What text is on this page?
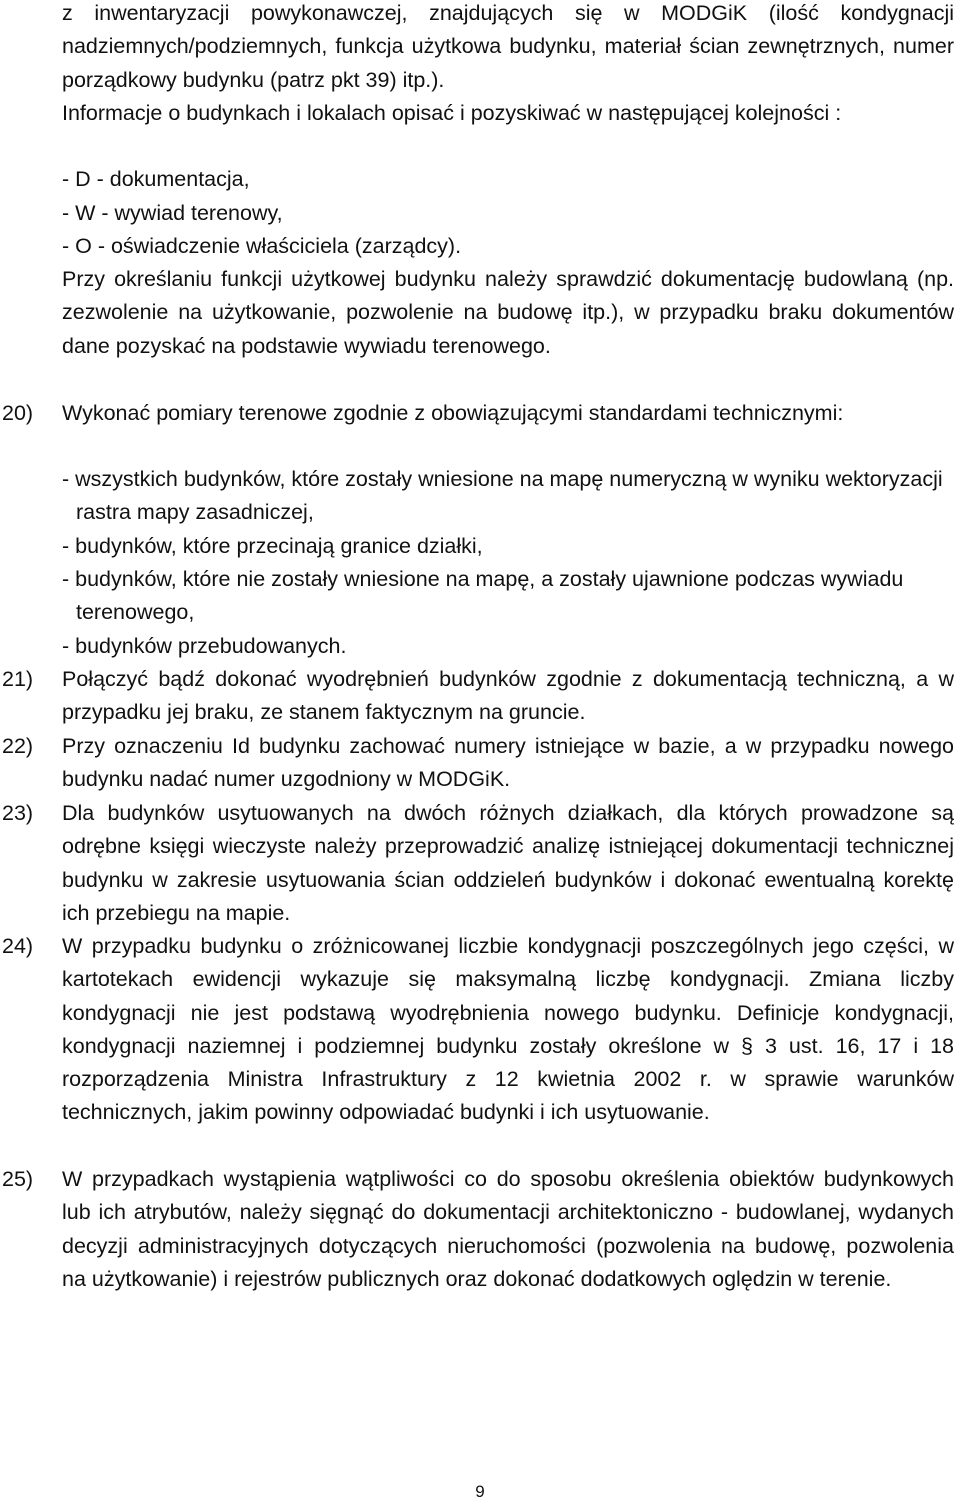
z inwentaryzacji powykonawczej, znajdujących się w MODGiK (ilość kondygnacji nadziemnych/podziemnych, funkcja użytkowa budynku, materiał ścian zewnętrznych, numer porządkowy budynku (patrz pkt 39) itp.).

Informacje o budynkach i lokalach opisać i pozyskiwać w następującej kolejności :

- D - dokumentacja,

- W - wywiad terenowy,

- O - oświadczenie właściciela (zarządcy).

Przy określaniu funkcji użytkowej budynku należy sprawdzić dokumentację budowlaną (np. zezwolenie na użytkowanie, pozwolenie na budowę itp.), w przypadku braku dokumentów dane pozyskać na podstawie wywiadu terenowego.

20) Wykonać pomiary terenowe zgodnie z obowiązującymi standardami technicznymi:

- wszystkich budynków, które zostały wniesione na mapę numeryczną w wyniku wektoryzacji rastra mapy zasadniczej,

- budynków, które przecinają granice działki,

- budynków, które nie zostały wniesione na mapę, a zostały ujawnione podczas wywiadu terenowego,

- budynków przebudowanych.

21) Połączyć bądź dokonać wyodrębnień budynków zgodnie z dokumentacją techniczną, a w przypadku jej braku, ze stanem faktycznym na gruncie.

22) Przy oznaczeniu Id budynku zachować numery istniejące w bazie, a w przypadku nowego budynku nadać numer uzgodniony w MODGiK.

23) Dla budynków usytuowanych na dwóch różnych działkach, dla których prowadzone są odrębne księgi wieczyste należy przeprowadzić analizę istniejącej dokumentacji technicznej budynku w zakresie usytuowania ścian oddzieleń budynków i dokonać ewentualną korektę ich przebiegu na mapie.

24) W przypadku budynku o zróżnicowanej liczbie kondygnacji poszczególnych jego części, w kartotekach ewidencji wykazuje się maksymalną liczbę kondygnacji. Zmiana liczby kondygnacji nie jest podstawą wyodrębnienia nowego budynku. Definicje kondygnacji, kondygnacji naziemnej i podziemnej budynku zostały określone w § 3 ust. 16, 17 i 18 rozporządzenia Ministra Infrastruktury z 12 kwietnia 2002 r. w sprawie warunków technicznych, jakim powinny odpowiadać budynki i ich usytuowanie.

25) W przypadkach wystąpienia wątpliwości co do sposobu określenia obiektów budynkowych lub ich atrybutów, należy sięgnąć do dokumentacji architektoniczno - budowlanej, wydanych decyzji administracyjnych dotyczących nieruchomości (pozwolenia na budowę, pozwolenia na użytkowanie) i rejestrów publicznych oraz dokonać dodatkowych oględzin w terenie.

9
